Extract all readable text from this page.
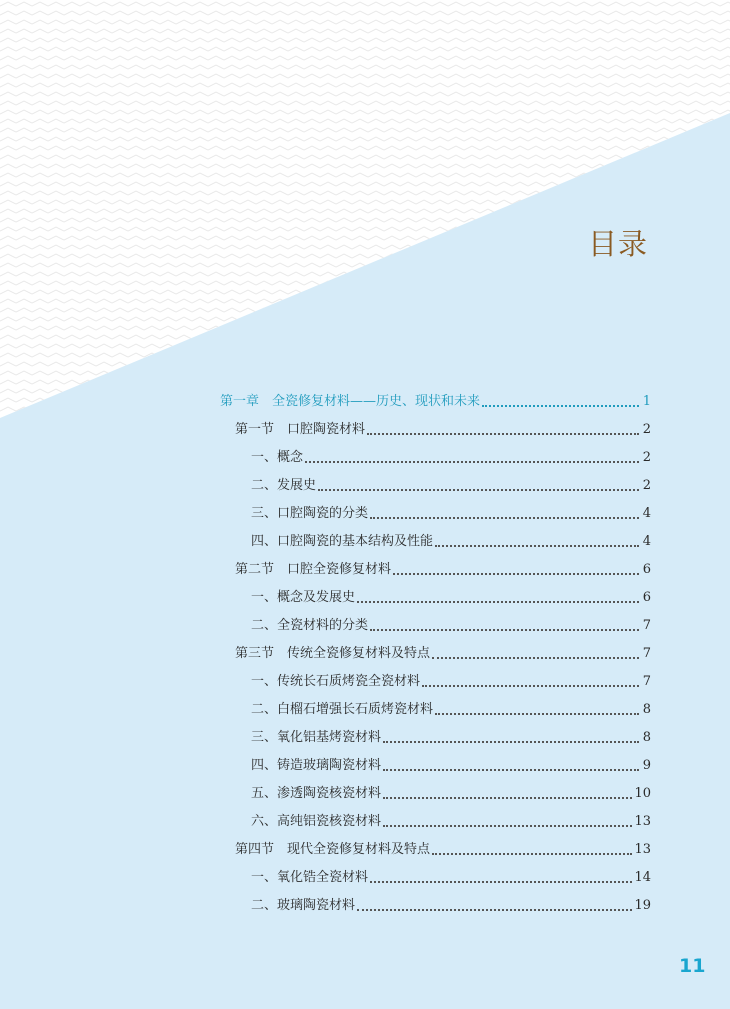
目录
第一章　全瓷修复材料——历史、现状和未来	1
第一节　口腔陶瓷材料	2
一、概念	2
二、发展史	2
三、口腔陶瓷的分类	4
四、口腔陶瓷的基本结构及性能	4
第二节　口腔全瓷修复材料	6
一、概念及发展史	6
二、全瓷材料的分类	7
第三节　传统全瓷修复材料及特点	7
一、传统长石质烤瓷全瓷材料	7
二、白榴石增强长石质烤瓷材料	8
三、氧化铝基烤瓷材料	8
四、铸造玻璃陶瓷材料	9
五、渗透陶瓷核瓷材料	10
六、高纯铝瓷核瓷材料	13
第四节　现代全瓷修复材料及特点	13
一、氧化锆全瓷材料	14
二、玻璃陶瓷材料	19
11
